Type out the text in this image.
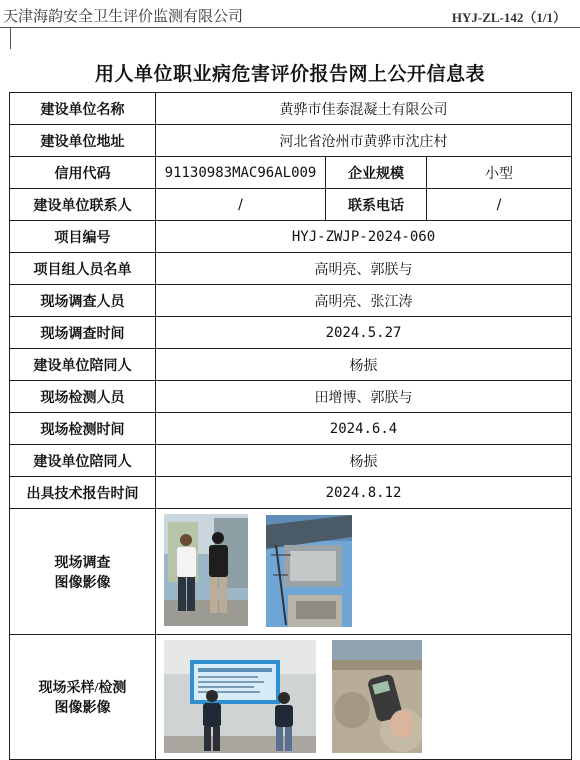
天津海韵安全卫生评价监测有限公司	HYJ-ZL-142（1/1）
用人单位职业病危害评价报告网上公开信息表
建设单位名称	黄骅市佳泰混凝土有限公司		
建设单位地址	河北省沧州市黄骅市沈庄村		
信用代码	91130983MAC96AL009	企业规模	小型
建设单位联系人	/	联系电话	/
项目编号	HYJ-ZWJP-2024-060		
项目组人员名单	高明亮、郭朕与		
现场调查人员	高明亮、张江涛		
现场调查时间	2024.5.27		
建设单位陪同人	杨振		
现场检测人员	田增博、郭朕与		
现场检测时间	2024.6.4		
建设单位陪同人	杨振		
出具技术报告时间	2024.8.12		
现场调查
图像影像	

现场采样/检测
图像影像	
